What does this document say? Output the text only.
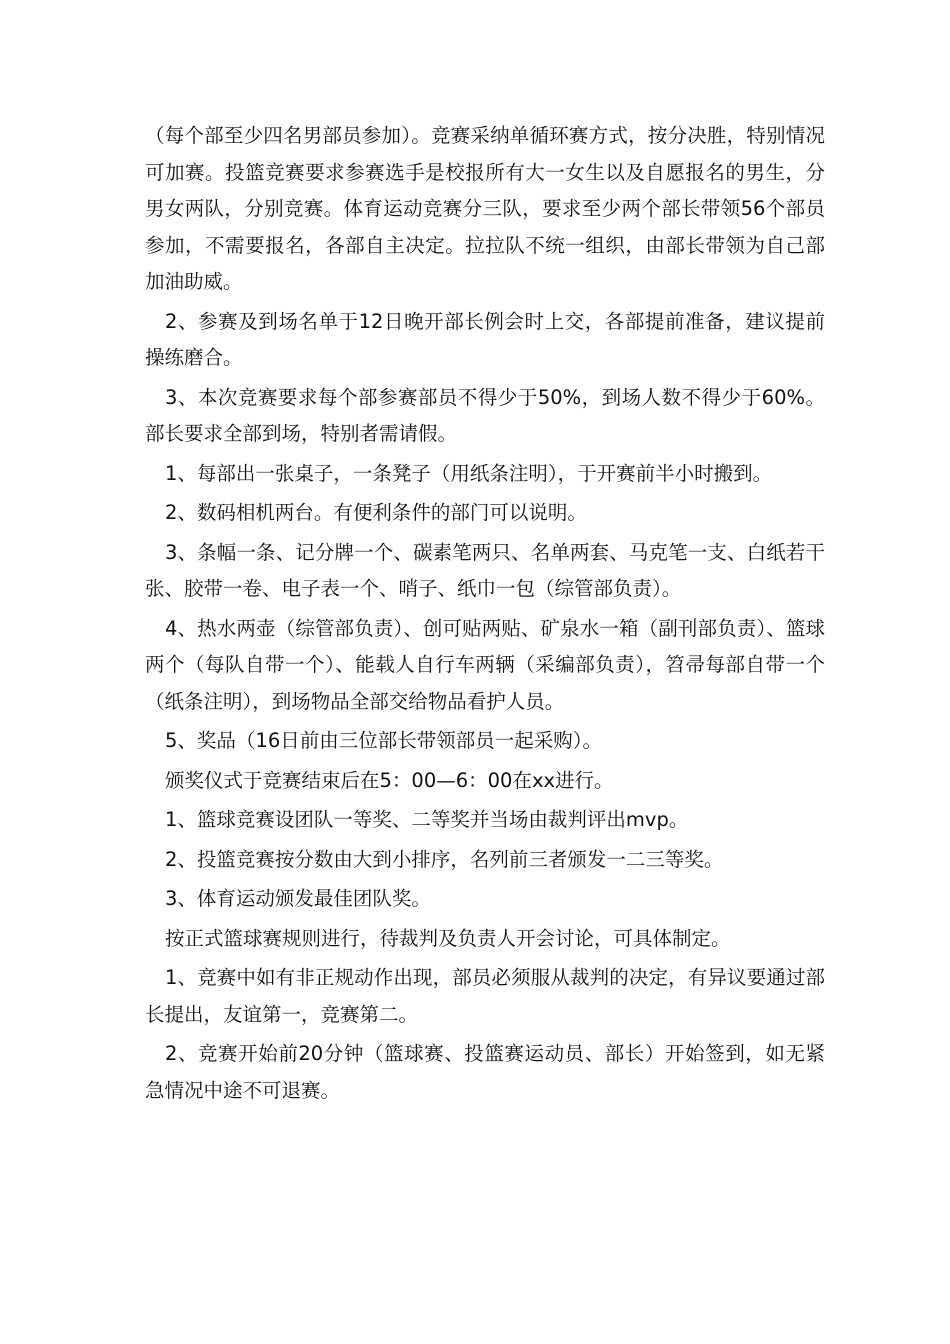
（每个部至少四名男部员参加）。竞赛采纳单循环赛方式，按分决胜，特别情况可加赛。投篮竞赛要求参赛选手是校报所有大一女生以及自愿报名的男生，分男女两队，分别竞赛。体育运动竞赛分三队，要求至少两个部长带领56个部员参加，不需要报名，各部自主决定。拉拉队不统一组织，由部长带领为自己部加油助威。

2、参赛及到场名单于12日晚开部长例会时上交，各部提前准备，建议提前操练磨合。

3、本次竞赛要求每个部参赛部员不得少于50%，到场人数不得少于60%。部长要求全部到场，特别者需请假。

1、每部出一张桌子，一条凳子（用纸条注明），于开赛前半小时搬到。

2、数码相机两台。有便利条件的部门可以说明。

3、条幅一条、记分牌一个、碳素笔两只、名单两套、马克笔一支、白纸若干张、胶带一卷、电子表一个、哨子、纸巾一包（综管部负责）。

4、热水两壶（综管部负责）、创可贴两贴、矿泉水一箱（副刊部负责）、篮球两个（每队自带一个）、能载人自行车两辆（采编部负责），笤帚每部自带一个（纸条注明），到场物品全部交给物品看护人员。

5、奖品（16日前由三位部长带领部员一起采购）。

颁奖仪式于竞赛结束后在5：00—6：00在xx进行。

1、篮球竞赛设团队一等奖、二等奖并当场由裁判评出mvp。

2、投篮竞赛按分数由大到小排序，名列前三者颁发一二三等奖。

3、体育运动颁发最佳团队奖。

按正式篮球赛规则进行，待裁判及负责人开会讨论，可具体制定。

1、竞赛中如有非正规动作出现，部员必须服从裁判的决定，有异议要通过部长提出，友谊第一，竞赛第二。

2、竞赛开始前20分钟（篮球赛、投篮赛运动员、部长）开始签到，如无紧急情况中途不可退赛。
